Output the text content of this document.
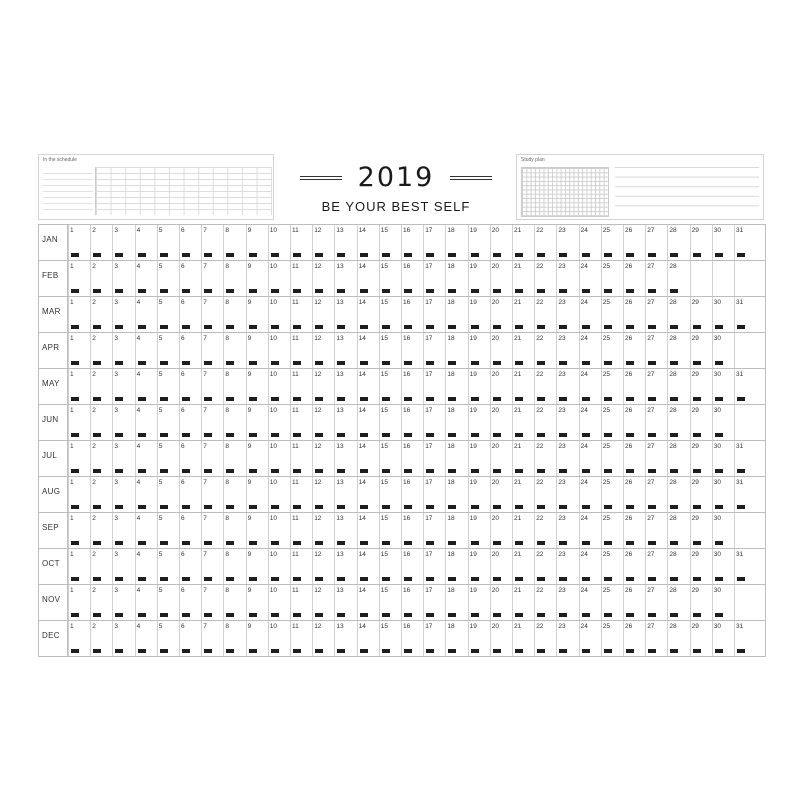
In the schedule
2019
BE YOUR BEST SELF
Study plan
JAN
1	2	3	4	5	6	7	8	9	10 11 12 13 14 15 16 17 18 19 20 21 22 23 24 25 26 27 28 29 30 31
FEB
1	2	3	4	5	6	7	8	9	10 11 12 13 14 15 16 17 18 19 20 21 22 23 24 25 26 27 28
MAR
1	2	3	4	5	6	7	8	9	10 11 12 13 14 15 16 17 18 19 20 21 22 23 24 25 26 27 28 29 30 31
APR
1	2	3	4	5	6	7	8	9	10 11 12 13 14 15 16 17 18 19 20 21 22 23 24 25 26 27 28 29 30
MAY
1	2	3	4	5	6	7	8	9	10 11 12 13 14 15 16 17 18 19 20 21 22 23 24 25 26 27 28 29 30 31
JUN
1	2	3	4	5	6	7	8	9	10 11 12 13 14 15 16 17 18 19 20 21 22 23 24 25 26 27 28 29 30
JUL
1	2	3	4	5	6	7	8	9	10 11 12 13 14 15 16 17 18 19 20 21 22 23 24 25 26 27 28 29 30 31
AUG
1	2	3	4	5	6	7	8	9	10 11 12 13 14 15 16 17 18 19 20 21 22 23 24 25 26 27 28 29 30 31
SEP
1	2	3	4	5	6	7	8	9	10 11 12 13 14 15 16 17 18 19 20 21 22 23 24 25 26 27 28 29 30
OCT
1	2	3	4	5	6	7	8	9	10 11 12 13 14 15 16 17 18 19 20 21 22 23 24 25 26 27 28 29 30 31
NOV
1	2	3	4	5	6	7	8	9	10 11 12 13 14 15 16 17 18 19 20 21 22 23 24 25 26 27 28 29 30
DEC
1	2	3	4	5	6	7	8	9	10 11 12 13 14 15 16 17 18 19 20 21 22 23 24 25 26 27 28 29 30 31
